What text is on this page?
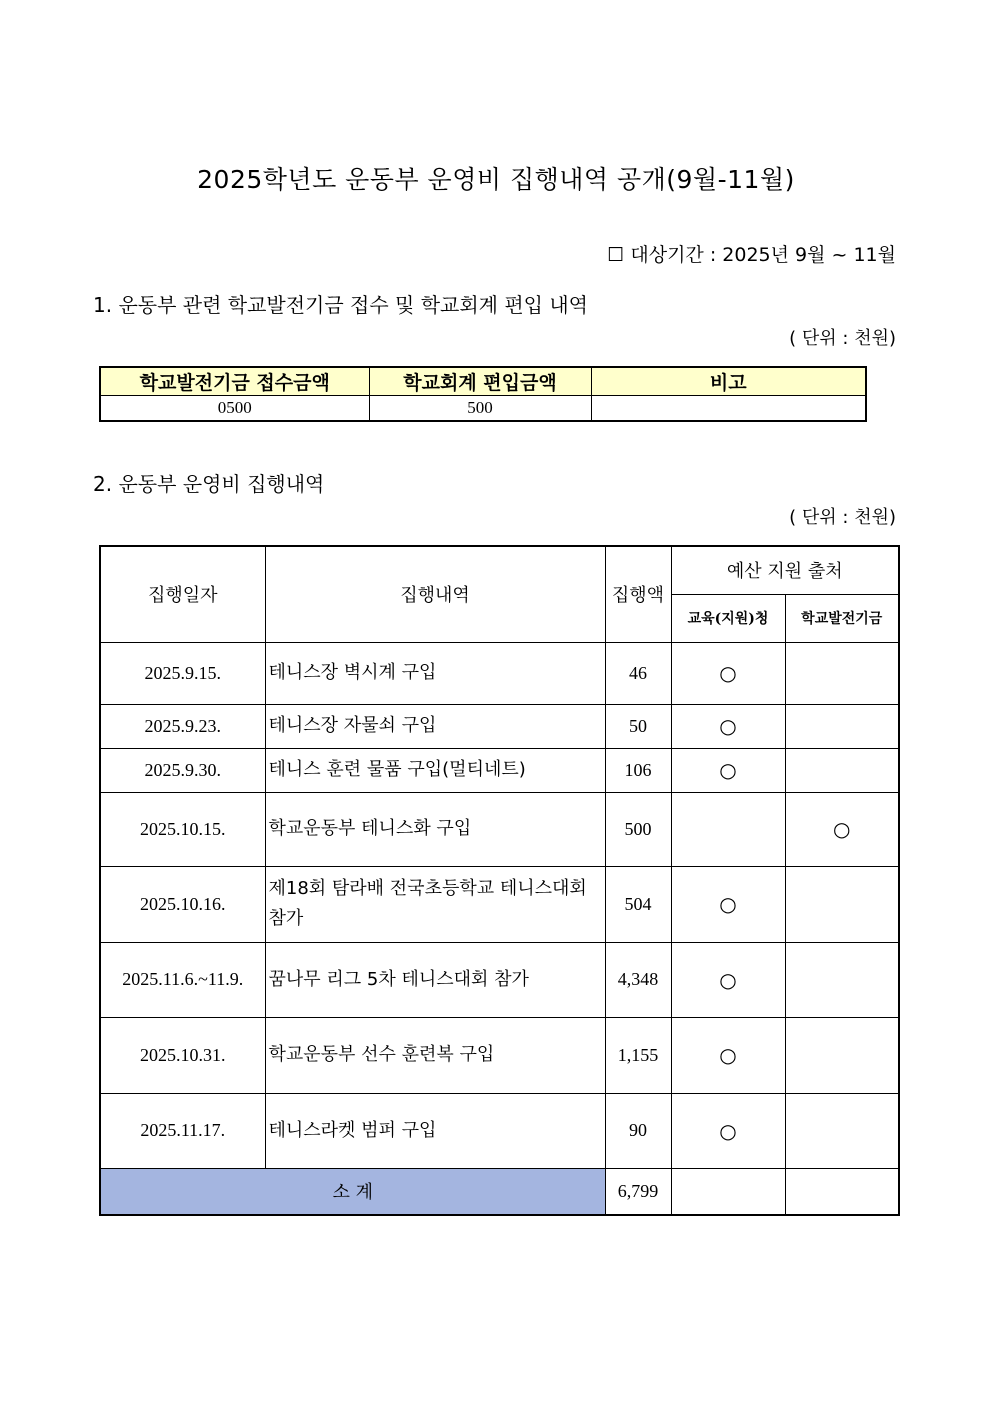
2025학년도 운동부 운영비 집행내역 공개(9월-11월)
☐ 대상기간 : 2025년 9월 ~ 11월
1. 운동부 관련 학교발전기금 접수 및 학교회계 편입 내역
( 단위 : 천원)
학교발전기금 접수금액	학교회계 편입금액	비고
0500	500	
2. 운동부 운영비 집행내역
( 단위 : 천원)
집행일자	집행내역	집행액	예산 지원 출처	
			교육(지원)청	학교발전기금
2025.9.15.	테니스장 벽시계 구입	46	○	
2025.9.23.	테니스장 자물쇠 구입	50	○	
2025.9.30.	테니스 훈련 물품 구입(멀티네트)	106	○	
2025.10.15.	학교운동부 테니스화 구입	500		○
2025.10.16.	제18회 탐라배 전국초등학교 테니스대회 참가	504	○	
2025.11.6.~11.9.	꿈나무 리그 5차 테니스대회 참가	4,348	○	
2025.10.31.	학교운동부 선수 훈련복 구입	1,155	○	
2025.11.17.	테니스라켓 범퍼 구입	90	○	
소 계		6,799		
